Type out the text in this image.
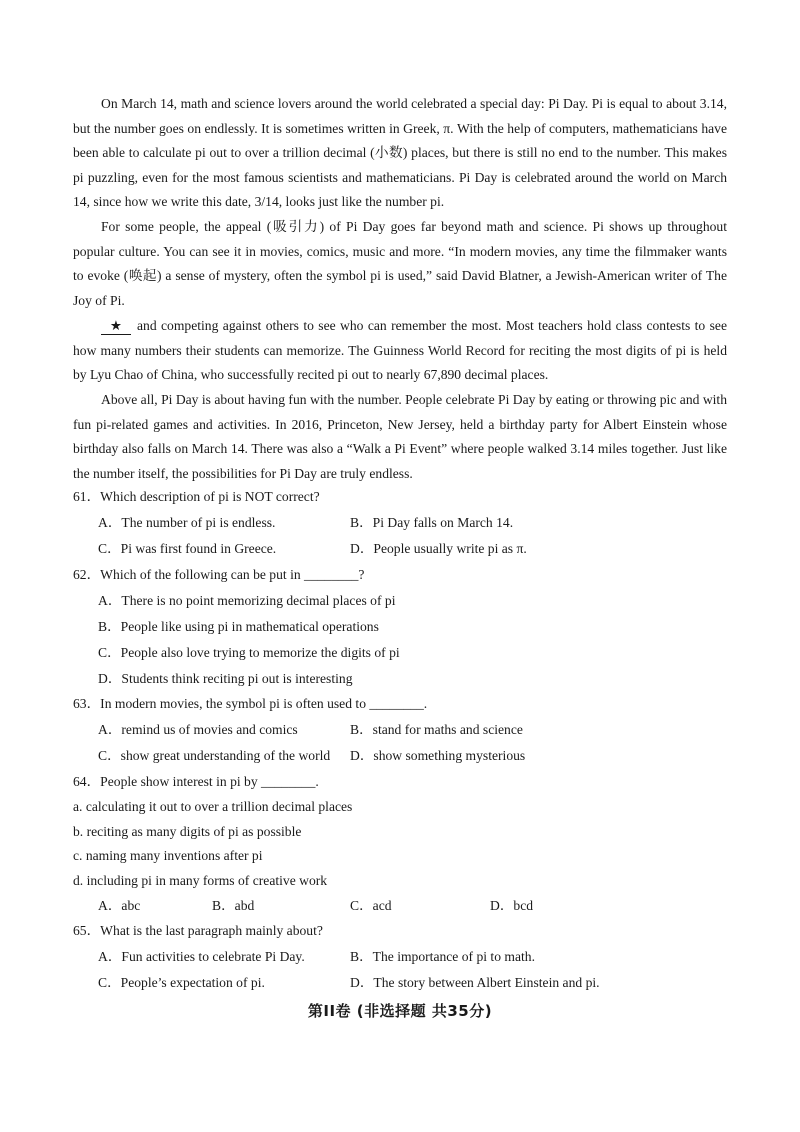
On March 14, math and science lovers around the world celebrated a special day: Pi Day. Pi is equal to about 3.14, but the number goes on endlessly. It is sometimes written in Greek, π. With the help of computers, mathematicians have been able to calculate pi out to over a trillion decimal (小数) places, but there is still no end to the number. This makes pi puzzling, even for the most famous scientists and mathematicians. Pi Day is celebrated around the world on March 14, since how we write this date, 3/14, looks just like the number pi.

For some people, the appeal (吸引力) of Pi Day goes far beyond math and science. Pi shows up throughout popular culture. You can see it in movies, comics, music and more. “In modern movies, any time the filmmaker wants to evoke (唤起) a sense of mystery, often the symbol pi is used,” said David Blatner, a Jewish-American writer of The Joy of Pi.

★ and competing against others to see who can remember the most. Most teachers hold class contests to see how many numbers their students can memorize. The Guinness World Record for reciting the most digits of pi is held by Lyu Chao of China, who successfully recited pi out to nearly 67,890 decimal places.

Above all, Pi Day is about having fun with the number. People celebrate Pi Day by eating or throwing pic and with fun pi-related games and activities. In 2016, Princeton, New Jersey, held a birthday party for Albert Einstein whose birthday also falls on March 14. There was also a “Walk a Pi Event” where people walked 3.14 miles together. Just like the number itself, the possibilities for Pi Day are truly endless.

61．Which description of pi is NOT correct?
A．The number of pi is endless.	B．Pi Day falls on March 14.
C．Pi was first found in Greece.	D．People usually write pi as π.
62．Which of the following can be put in ________?
A．There is no point memorizing decimal places of pi
B．People like using pi in mathematical operations
C．People also love trying to memorize the digits of pi
D．Students think reciting pi out is interesting
63．In modern movies, the symbol pi is often used to ________.
A．remind us of movies and comics	B．stand for maths and science
C．show great understanding of the world D．show something mysterious
64．People show interest in pi by ________.
a. calculating it out to over a trillion decimal places
b. reciting as many digits of pi as possible
c. naming many inventions after pi
d. including pi in many forms of creative work
A．abc	B．abd	C．acd	D．bcd
65．What is the last paragraph mainly about?
A．Fun activities to celebrate Pi Day.	B．The importance of pi to math.
C．People’s expectation of pi.	D．The story between Albert Einstein and pi.
第II卷 (非选择题 共35分)
